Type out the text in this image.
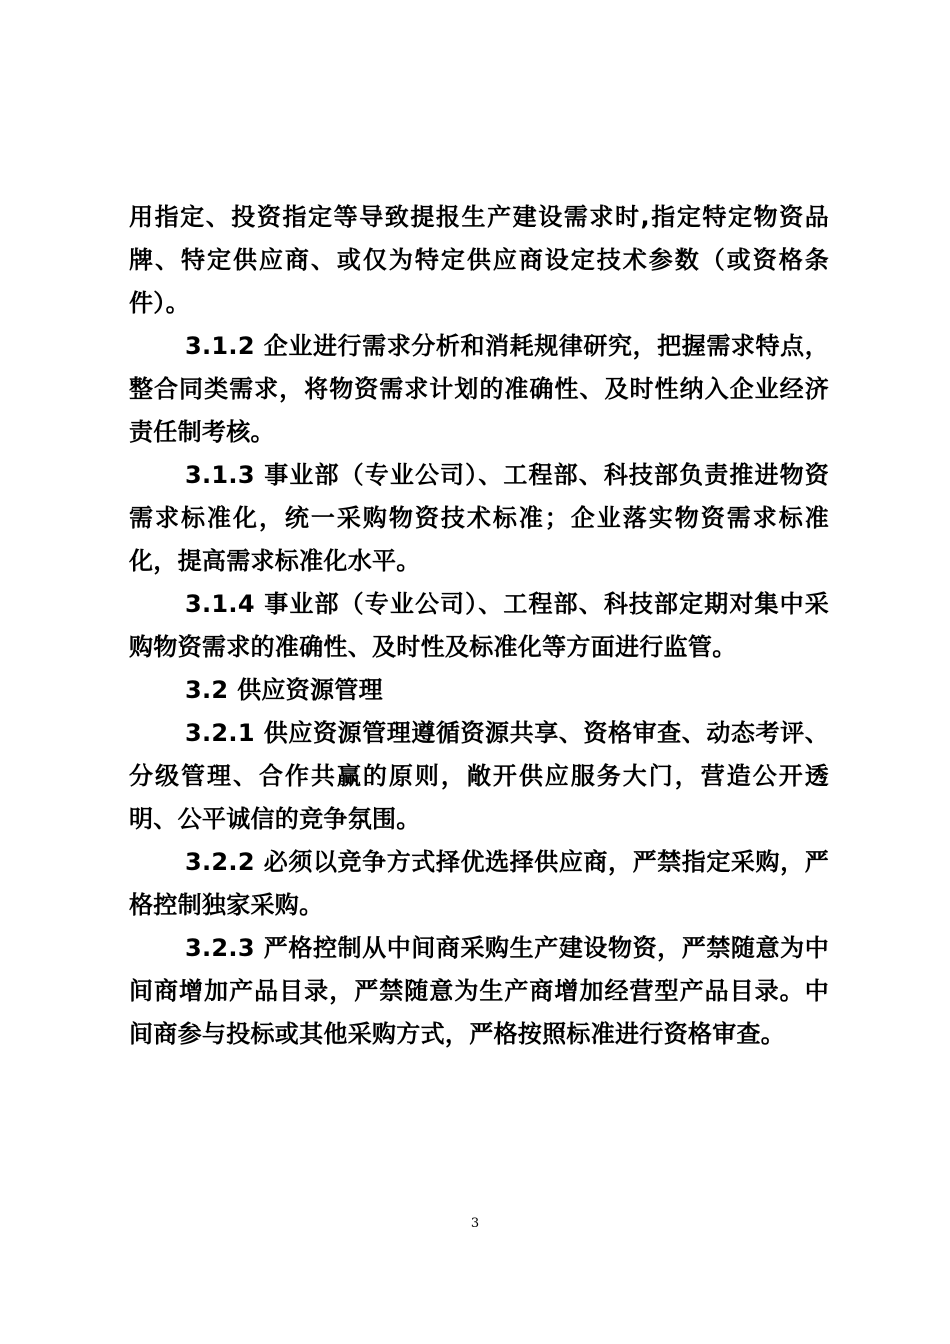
用指定、投资指定等导致提报生产建设需求时,指定特定物资品牌、特定供应商、或仅为特定供应商设定技术参数（或资格条件）。

3.1.2 企业进行需求分析和消耗规律研究，把握需求特点，整合同类需求，将物资需求计划的准确性、及时性纳入企业经济责任制考核。

3.1.3 事业部（专业公司）、工程部、科技部负责推进物资需求标准化，统一采购物资技术标准；企业落实物资需求标准化，提高需求标准化水平。

3.1.4 事业部（专业公司）、工程部、科技部定期对集中采购物资需求的准确性、及时性及标准化等方面进行监管。

3.2 供应资源管理

3.2.1 供应资源管理遵循资源共享、资格审查、动态考评、分级管理、合作共赢的原则，敞开供应服务大门，营造公开透明、公平诚信的竞争氛围。

3.2.2 必须以竞争方式择优选择供应商，严禁指定采购，严格控制独家采购。

3.2.3 严格控制从中间商采购生产建设物资，严禁随意为中间商增加产品目录，严禁随意为生产商增加经营型产品目录。中间商参与投标或其他采购方式，严格按照标准进行资格审查。

3
